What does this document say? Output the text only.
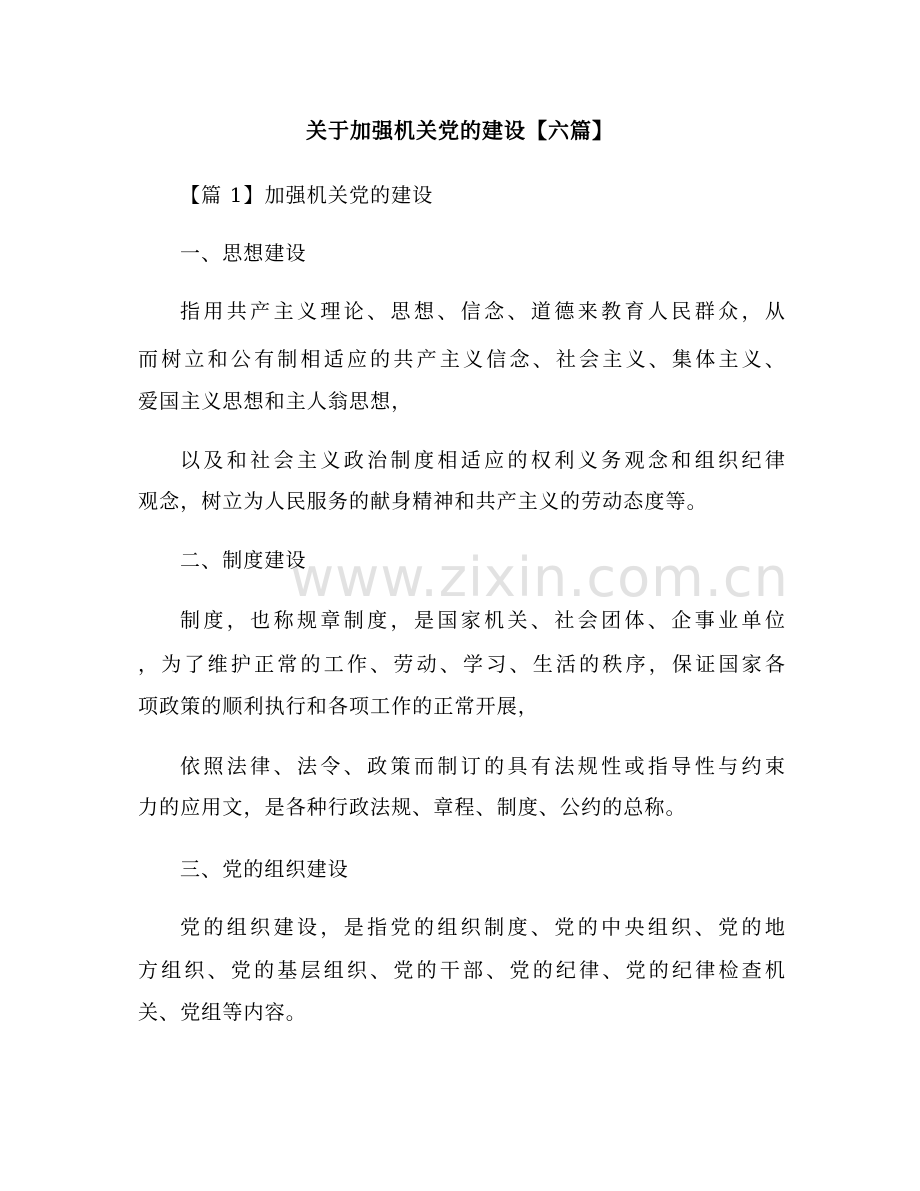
关于加强机关党的建设【六篇】
【篇 1】加强机关党的建设
一、思想建设
指用共产主义理论、思想、信念、道德来教育人民群众，从
而树立和公有制相适应的共产主义信念、社会主义、集体主义、
爱国主义思想和主人翁思想，
以及和社会主义政治制度相适应的权利义务观念和组织纪律
观念，树立为人民服务的献身精神和共产主义的劳动态度等。
二、制度建设
制度，也称规章制度，是国家机关、社会团体、企事业单位
，为了维护正常的工作、劳动、学习、生活的秩序，保证国家各
项政策的顺利执行和各项工作的正常开展，
依照法律、法令、政策而制订的具有法规性或指导性与约束
力的应用文，是各种行政法规、章程、制度、公约的总称。
三、党的组织建设
党的组织建设，是指党的组织制度、党的中央组织、党的地
方组织、党的基层组织、党的干部、党的纪律、党的纪律检查机
关、党组等内容。
www.zixin.com.cn
